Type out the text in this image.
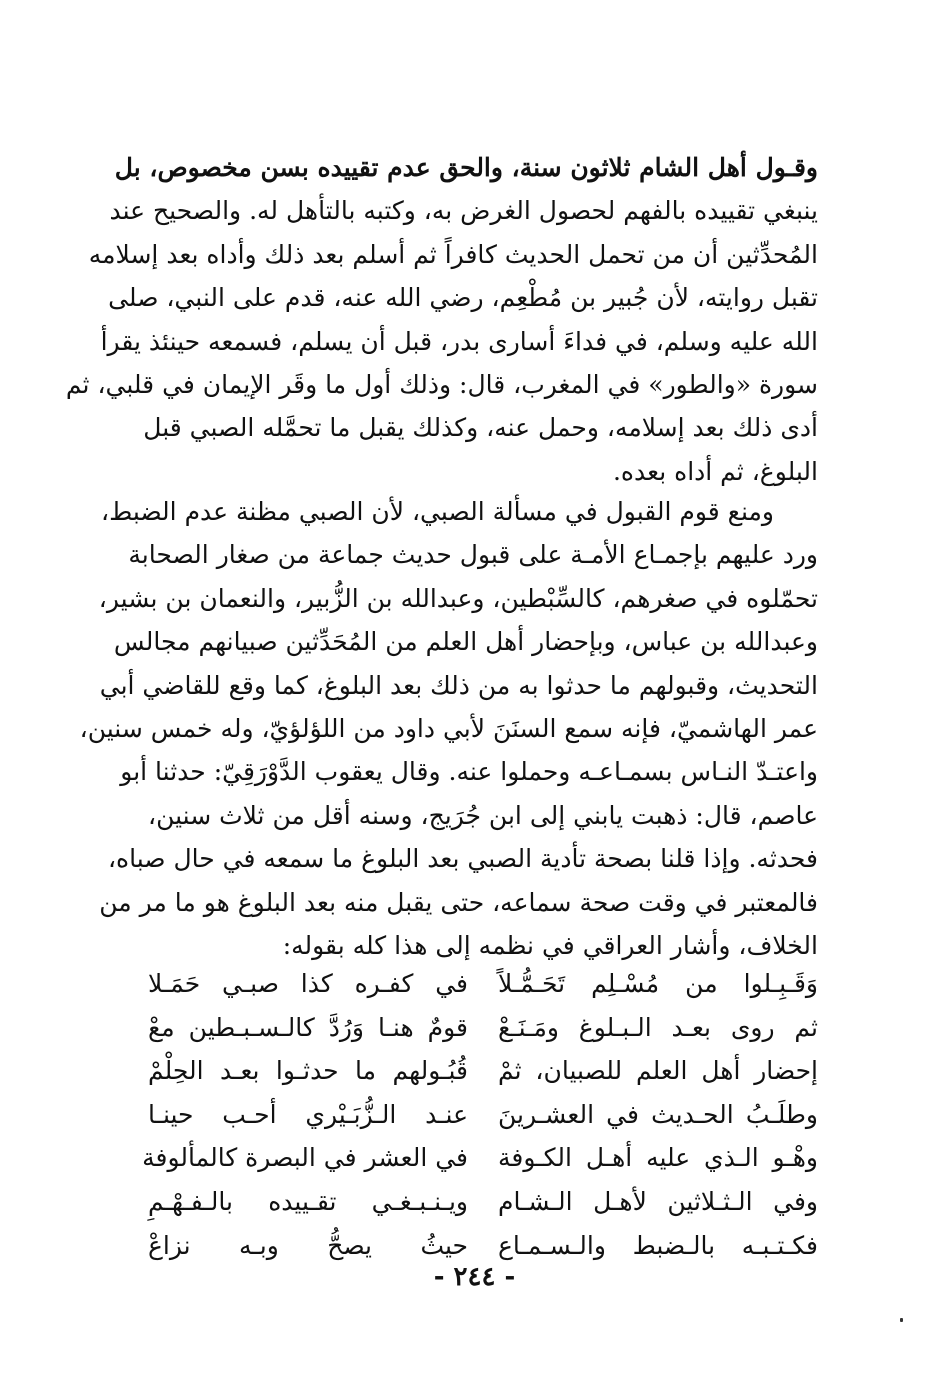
وقـول أهل الشام ثلاثون سنة، والحق عدم تقييده بسن مخصوص، بل
ينبغي تقييده بالفهم لحصول الغرض به، وكتبه بالتأهل له. والصحيح عند
المُحدِّثين أن من تحمل الحديث كافراً ثم أسلم بعد ذلك وأداه بعد إسلامه
تقبل روايته، لأن جُبير بن مُطْعِم، رضي الله عنه، قدم على النبي، صلى
الله عليه وسلم، في فداءَ أسارى بدر، قبل أن يسلم، فسمعه حينئذ يقرأ
سورة «والطور» في المغرب، قال: وذلك أول ما وقَر الإيمان في قلبي، ثم
أدى ذلك بعد إسلامه، وحمل عنه، وكذلك يقبل ما تحمَّله الصبي قبل
البلوغ، ثم أداه بعده.
ومنع قوم القبول في مسألة الصبي، لأن الصبي مظنة عدم الضبط،
ورد عليهم بإجمـاع الأمـة على قبول حديث جماعة من صغار الصحابة
تحمّلوه في صغرهم، كالسِّبْطين، وعبدالله بن الزُّبير، والنعمان بن بشير،
وعبدالله بن عباس، وبإحضار أهل العلم من المُحَدِّثين صبيانهم مجالس
التحديث، وقبولهم ما حدثوا به من ذلك بعد البلوغ، كما وقع للقاضي أبي
عمر الهاشميّ، فإنه سمع السنَنَ لأبي داود من اللؤلؤيّ، وله خمس سنين،
واعتـدّ النـاس بسمـاعـه وحملوا عنه. وقال يعقوب الدَّوْرَقِيّ: حدثنا أبو
عاصم، قال: ذهبت يابني إلى ابن جُرَيج، وسنه أقل من ثلاث سنين،
فحدثه. وإذا قلنا بصحة تأدية الصبي بعد البلوغ ما سمعه في حال صباه،
فالمعتبر في وقت صحة سماعه، حتى يقبل منه بعد البلوغ هو ما مر من
الخلاف، وأشار العراقي في نظمه إلى هذا كله بقوله:
وَقَـبِـلوا من مُسْـلِم تَحَـمُّـلاً
في كفـره كذا صبـي حَمَـلا
ثم روى بعـد الـبـلوغ ومَـنَـعْ
قومٌ هنـا وَرُدَّ كالـسـبـطين معْ
إحضار أهل العلم للصبيان، ثمْ
قُبُـولهم ما حدثـوا بعـد الحِلْمْ
وطلَـبُ الحـديث في العشـرينَ
عنـد الـزُّبَـيْري أحـب حينـا
وهْـو الـذي عليه أهـل الكـوفة
في العشر في البصرة كالمألوفة
وفي الـثـلاثين لأهـل الـشـام
ويـنـبـغـي تقـييده بالـفـهْـمِ
فكـتـبـه بالـضبط والـسـمـاع
حيثُ يصحُّ وبـه نزاعْ
- ٢٤٤ -
